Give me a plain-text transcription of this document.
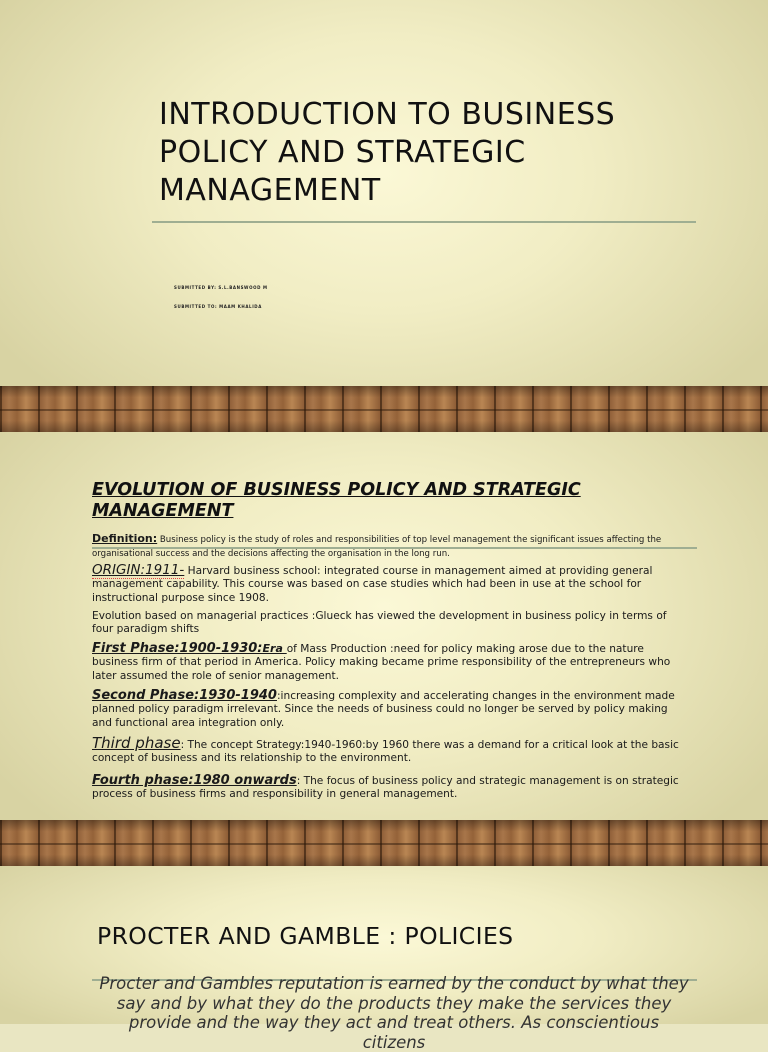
INTRODUCTION TO BUSINESS POLICY AND STRATEGIC MANAGEMENT
SUBMITTED BY: S.L.BANSWOOD M
SUBMITTED TO: MAAM KHALIDA
EVOLUTION OF BUSINESS POLICY AND STRATEGIC MANAGEMENT
Definition: Business policy is the study of roles and responsibilities of top level management the significant issues affecting the organisational success and the decisions affecting the organisation in the long run.
ORIGIN:1911- Harvard business school: integrated course in management aimed at providing general management capability. This course was based on case studies which had been in use at the school for instructional purpose since 1908.
Evolution based on managerial practices :Glueck has viewed the development in business policy in terms of four paradigm shifts
First Phase:1900-1930:Era of Mass Production :need for policy making arose due to the nature business firm of that period in America. Policy making became prime responsibility of the entrepreneurs who later assumed the role of senior management.
Second Phase:1930-1940:increasing complexity and accelerating changes in the environment made planned policy paradigm irrelevant. Since the needs of business could no longer be served by policy making and functional area integration only.
Third phase: The concept Strategy:1940-1960:by 1960 there was a demand for a critical look at the basic concept of business and its relationship to the environment.
Fourth phase:1980 onwards: The focus of business policy and strategic management is on strategic process of business firms and responsibility in general management.
PROCTER AND GAMBLE : POLICIES
Procter and Gambles reputation is earned by the conduct by what they say and by what they do the products they make the services they provide and the way they act and treat others. As conscientious citizens
